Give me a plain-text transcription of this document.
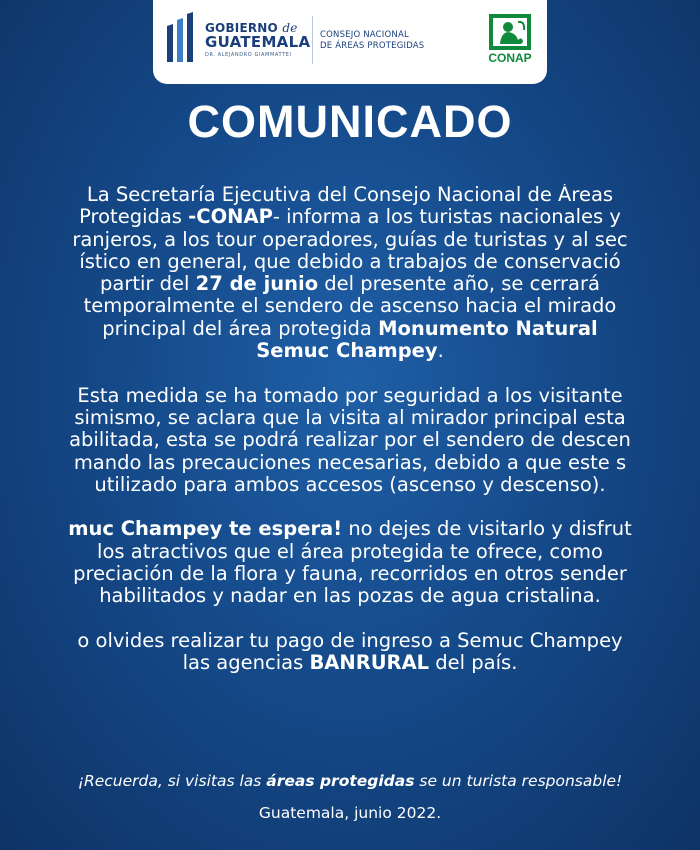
GOBIERNO de
GUATEMALA
DR. ALEJANDRO GIAMMATTEI
CONSEJO NACIONAL
DE ÁREAS PROTEGIDAS
CONAP
COMUNICADO
La Secretaría Ejecutiva del Consejo Nacional de Áreas
Protegidas -CONAP- informa a los turistas nacionales y
ranjeros, a los tour operadores, guías de turistas y al sec
ístico en general, que debido a trabajos de conservació
partir del 27 de junio del presente año, se cerrará
temporalmente el sendero de ascenso hacia el mirado
principal del área protegida Monumento Natural
Semuc Champey.
Esta medida se ha tomado por seguridad a los visitante
simismo, se aclara que la visita al mirador principal esta
abilitada, esta se podrá realizar por el sendero de descen
mando las precauciones necesarias, debido a que este s
utilizado para ambos accesos (ascenso y descenso).
muc Champey te espera! no dejes de visitarlo y disfrut
los atractivos que el área protegida te ofrece, como
preciación de la flora y fauna, recorridos en otros sender
habilitados y nadar en las pozas de agua cristalina.
o olvides realizar tu pago de ingreso a Semuc Champey
las agencias BANRURAL del país.
¡Recuerda, si visitas las áreas protegidas se un turista responsable!
Guatemala, junio 2022.
